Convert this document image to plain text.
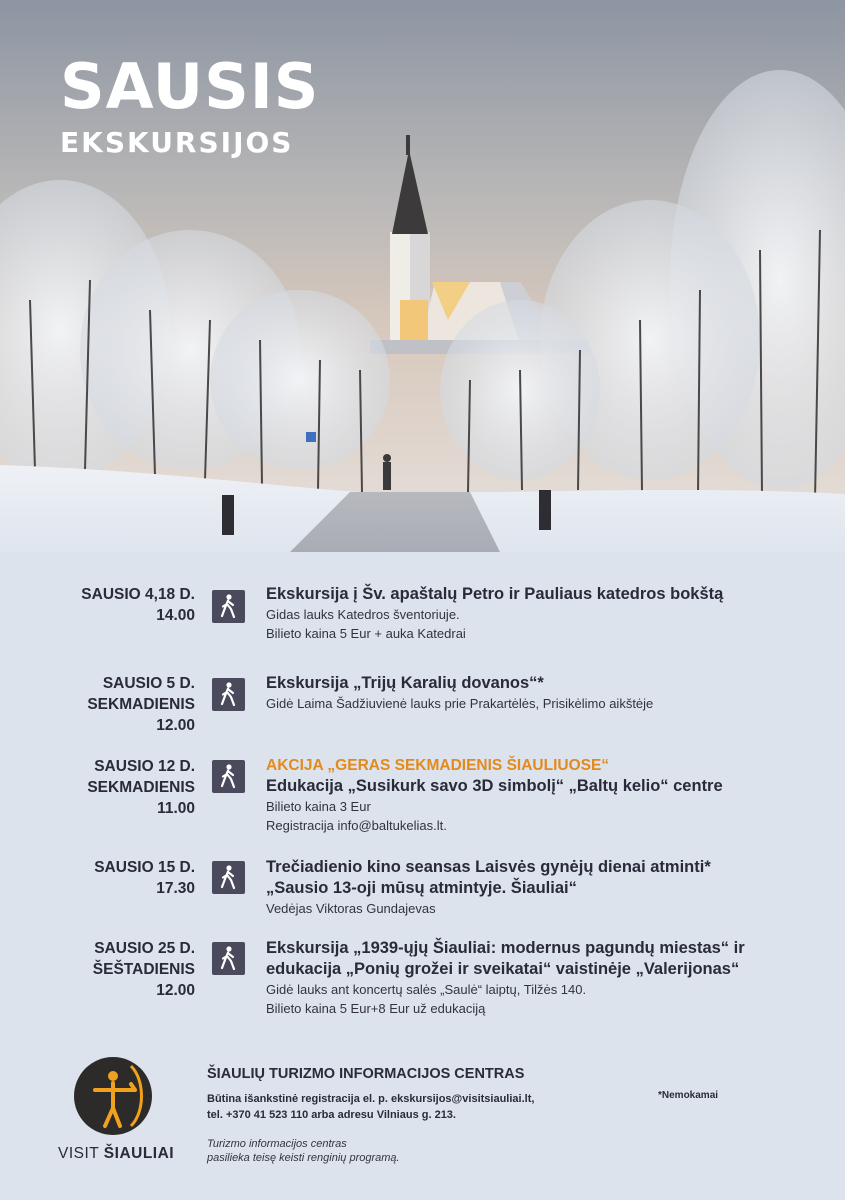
SAUSIS
EKSKURSIJOS
SAUSIO 4,18 D.
14.00
Ekskursija į Šv. apaštalų Petro ir Pauliaus katedros bokštą
Gidas lauks Katedros šventoriuje.
Bilieto kaina 5 Eur + auka Katedrai
SAUSIO 5 D.
SEKMADIENIS
12.00
Ekskursija „Trijų Karalių dovanos“*
Gidė Laima Šadžiuvienė lauks prie Prakartėlės, Prisikėlimo aikštėje
SAUSIO 12 D.
SEKMADIENIS
11.00
AKCIJA „GERAS SEKMADIENIS ŠIAULIUOSE“
Edukacija „Susikurk savo 3D simbolį“ „Baltų kelio“ centre
Bilieto kaina 3 Eur
Registracija info@baltukelias.lt.
SAUSIO 15 D.
17.30
Trečiadienio kino seansas Laisvės gynėjų dienai atminti*
„Sausio 13-oji mūsų atmintyje. Šiauliai“
Vedėjas Viktoras Gundajevas
SAUSIO 25 D.
ŠEŠTADIENIS
12.00
Ekskursija „1939-ųjų Šiauliai: modernus pagundų miestas“ ir
edukacija „Ponių grožei ir sveikatai“ vaistinėje „Valerijonas“
Gidė lauks ant koncertų salės „Saulė“ laiptų, Tilžės 140.
Bilieto kaina 5 Eur+8 Eur už edukaciją
VISIT ŠIAULIAI
ŠIAULIŲ TURIZMO INFORMACIJOS CENTRAS
Būtina išankstinė registracija el. p. ekskursijos@visitsiauliai.lt,
tel. +370 41 523 110 arba adresu Vilniaus g. 213.
*Nemokamai
Turizmo informacijos centras
pasilieka teisę keisti renginių programą.
